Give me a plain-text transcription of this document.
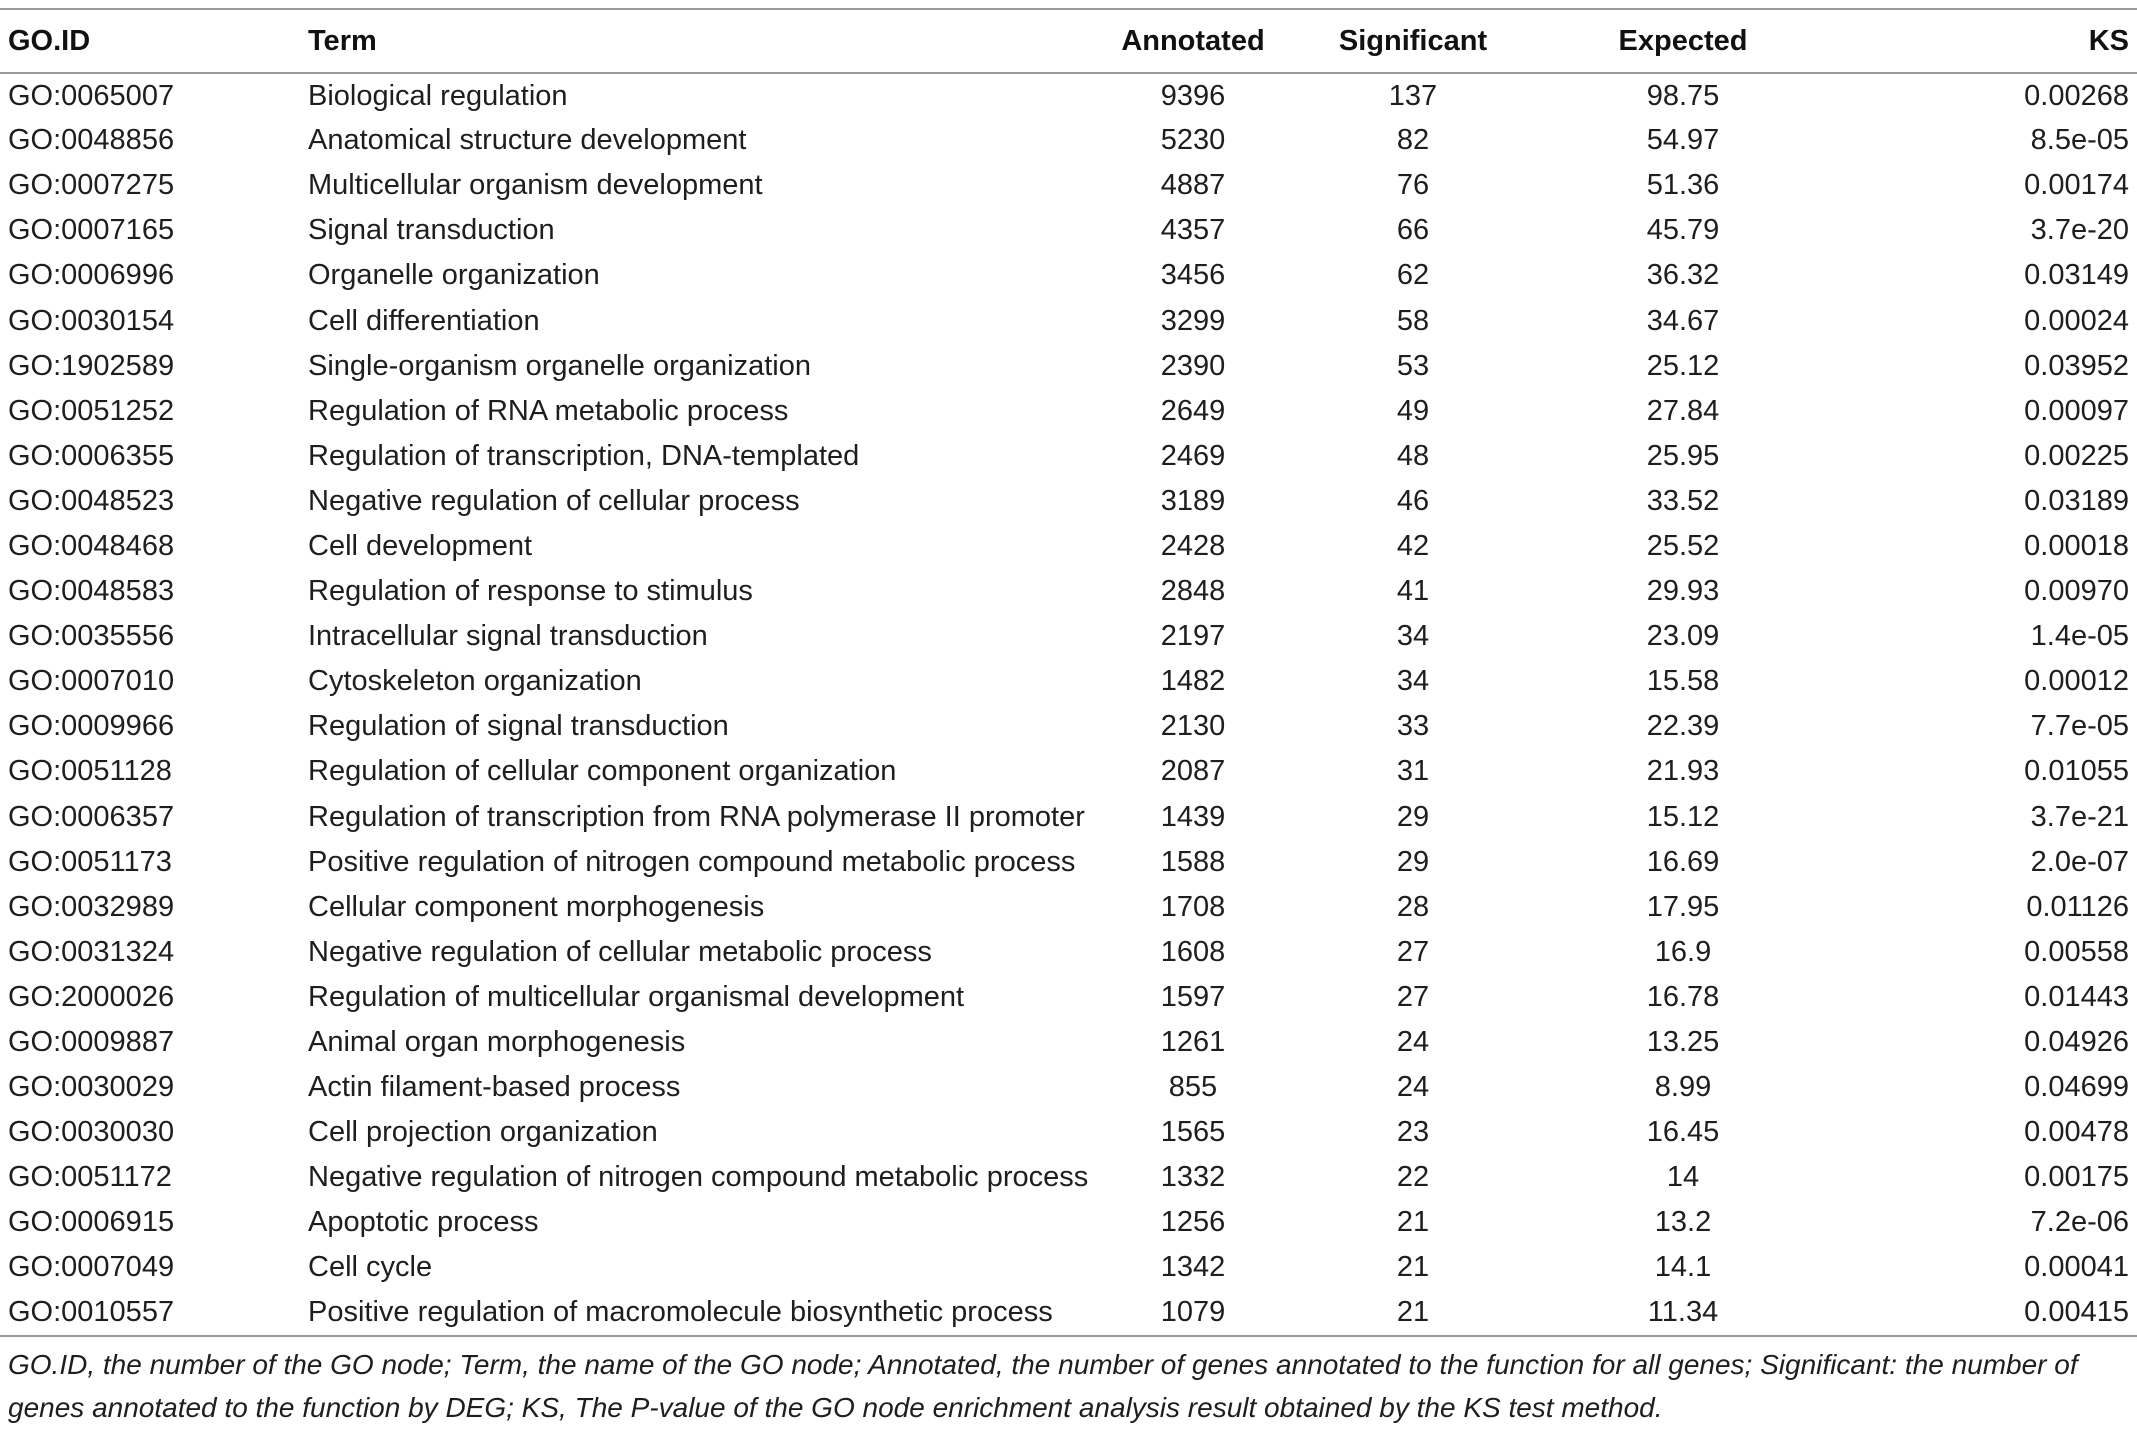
GO.ID	Term	Annotated	Significant	Expected	KS
GO:0065007	Biological regulation	9396	137	98.75	0.00268
GO:0048856	Anatomical structure development	5230	82	54.97	8.5e-05
GO:0007275	Multicellular organism development	4887	76	51.36	0.00174
GO:0007165	Signal transduction	4357	66	45.79	3.7e-20
GO:0006996	Organelle organization	3456	62	36.32	0.03149
GO:0030154	Cell differentiation	3299	58	34.67	0.00024
GO:1902589	Single-organism organelle organization	2390	53	25.12	0.03952
GO:0051252	Regulation of RNA metabolic process	2649	49	27.84	0.00097
GO:0006355	Regulation of transcription, DNA-templated	2469	48	25.95	0.00225
GO:0048523	Negative regulation of cellular process	3189	46	33.52	0.03189
GO:0048468	Cell development	2428	42	25.52	0.00018
GO:0048583	Regulation of response to stimulus	2848	41	29.93	0.00970
GO:0035556	Intracellular signal transduction	2197	34	23.09	1.4e-05
GO:0007010	Cytoskeleton organization	1482	34	15.58	0.00012
GO:0009966	Regulation of signal transduction	2130	33	22.39	7.7e-05
GO:0051128	Regulation of cellular component organization	2087	31	21.93	0.01055
GO:0006357	Regulation of transcription from RNA polymerase II promoter	1439	29	15.12	3.7e-21
GO:0051173	Positive regulation of nitrogen compound metabolic process	1588	29	16.69	2.0e-07
GO:0032989	Cellular component morphogenesis	1708	28	17.95	0.01126
GO:0031324	Negative regulation of cellular metabolic process	1608	27	16.9	0.00558
GO:2000026	Regulation of multicellular organismal development	1597	27	16.78	0.01443
GO:0009887	Animal organ morphogenesis	1261	24	13.25	0.04926
GO:0030029	Actin filament-based process	855	24	8.99	0.04699
GO:0030030	Cell projection organization	1565	23	16.45	0.00478
GO:0051172	Negative regulation of nitrogen compound metabolic process	1332	22	14	0.00175
GO:0006915	Apoptotic process	1256	21	13.2	7.2e-06
GO:0007049	Cell cycle	1342	21	14.1	0.00041
GO:0010557	Positive regulation of macromolecule biosynthetic process	1079	21	11.34	0.00415
GO.ID, the number of the GO node; Term, the name of the GO node; Annotated, the number of genes annotated to the function for all genes; Significant: the number of genes annotated to the function by DEG; KS, The P-value of the GO node enrichment analysis result obtained by the KS test method.
